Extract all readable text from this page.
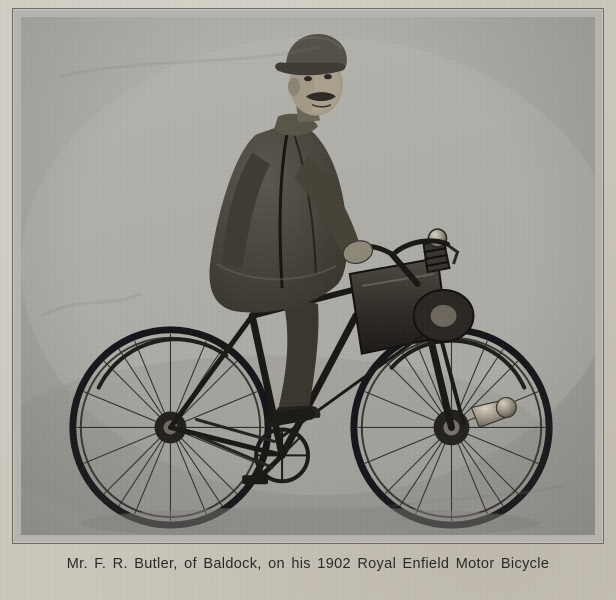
Mr. F. R. Butler, of Baldock, on his 1902 Royal Enfield Motor Bicycle
